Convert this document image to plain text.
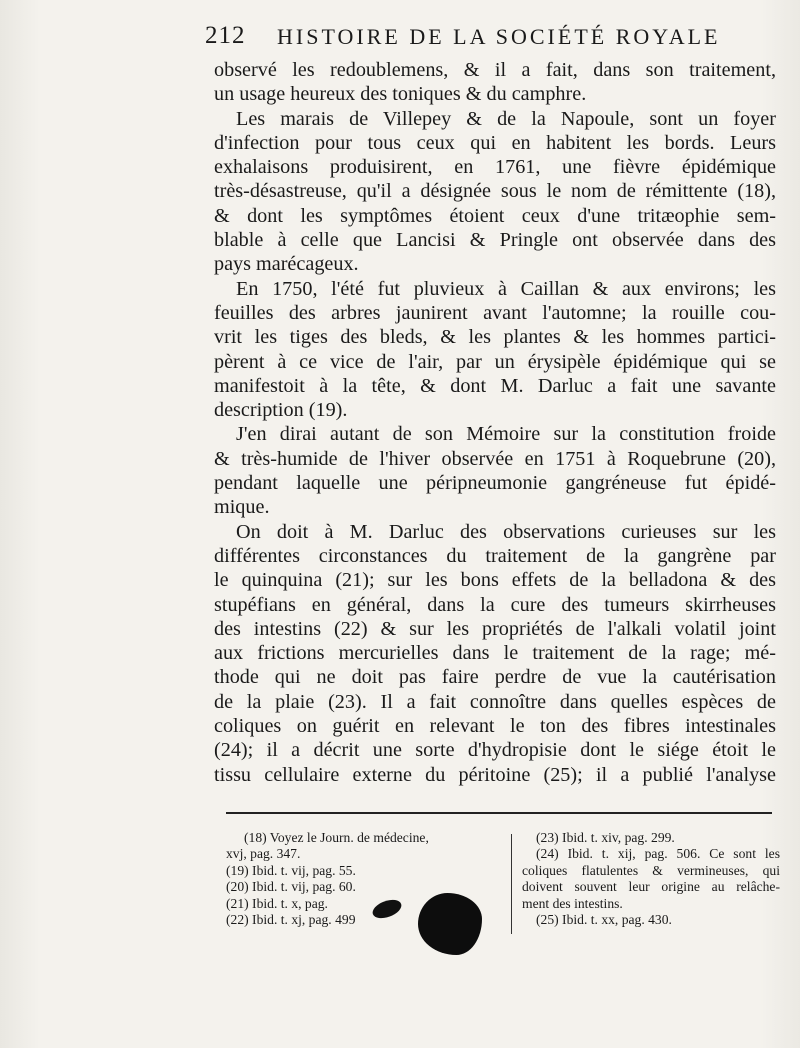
212 HISTOIRE DE LA SOCIÉTÉ ROYALE
observé les redoublemens, & il a fait, dans son traitement,
un usage heureux des toniques & du camphre.
Les marais de Villepey & de la Napoule, sont un foyer
d'infection pour tous ceux qui en habitent les bords. Leurs
exhalaisons produisirent, en 1761, une fièvre épidémique
très-désastreuse, qu'il a désignée sous le nom de rémittente (18),
& dont les symptômes étoient ceux d'une tritæophie sem-
blable à celle que Lancisi & Pringle ont observée dans des
pays marécageux.
En 1750, l'été fut pluvieux à Caillan & aux environs; les
feuilles des arbres jaunirent avant l'automne; la rouille cou-
vrit les tiges des bleds, & les plantes & les hommes partici-
pèrent à ce vice de l'air, par un érysipèle épidémique qui se
manifestoit à la tête, & dont M. Darluc a fait une savante
description (19).
J'en dirai autant de son Mémoire sur la constitution froide
& très-humide de l'hiver observée en 1751 à Roquebrune (20),
pendant laquelle une péripneumonie gangréneuse fut épidé-
mique.
On doit à M. Darluc des observations curieuses sur les
différentes circonstances du traitement de la gangrène par
le quinquina (21); sur les bons effets de la belladona & des
stupéfians en général, dans la cure des tumeurs skirrheuses
des intestins (22) & sur les propriétés de l'alkali volatil joint
aux frictions mercurielles dans le traitement de la rage; mé-
thode qui ne doit pas faire perdre de vue la cautérisation
de la plaie (23). Il a fait connoître dans quelles espèces de
coliques on guérit en relevant le ton des fibres intestinales
(24); il a décrit une sorte d'hydropisie dont le siége étoit le
tissu cellulaire externe du péritoine (25); il a publié l'analyse
(18) Voyez le Journ. de médecine,
xvj, pag. 347.
(19) Ibid. t. vij, pag. 55.
(20) Ibid. t. vij, pag. 60.
(21) Ibid. t. x, pag.
(22) Ibid. t. xj, pag. 499
(23) Ibid. t. xiv, pag. 299.
(24) Ibid. t. xij, pag. 506. Ce sont les
coliques flatulentes & vermineuses, qui
doivent souvent leur origine au relâche-
ment des intestins.
(25) Ibid. t. xx, pag. 430.
